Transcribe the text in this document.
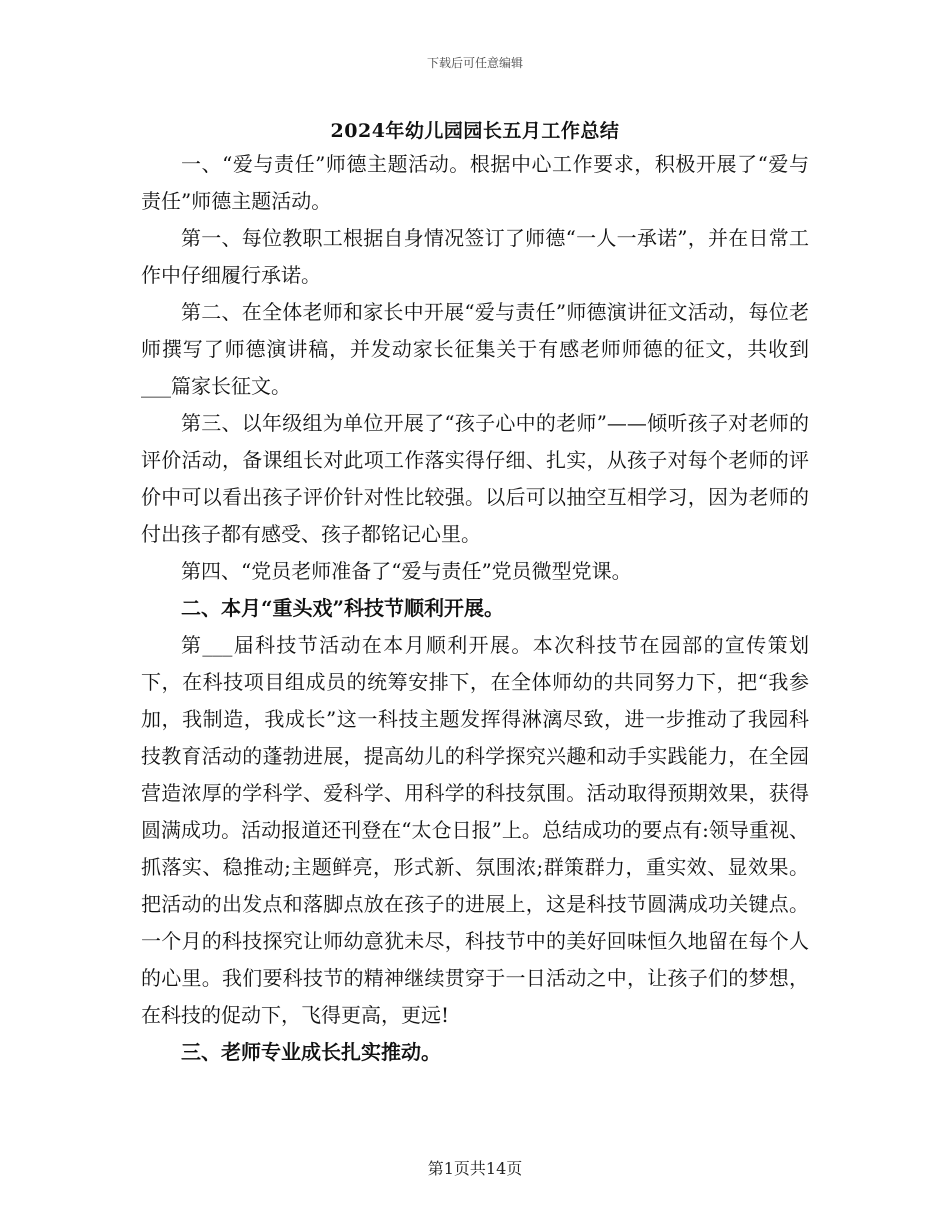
下载后可任意编辑
2024年幼儿园园长五月工作总结

一、“爱与责任”师德主题活动。根据中心工作要求，积极开展了“爱与责任”师德主题活动。

第一、每位教职工根据自身情况签订了师德“一人一承诺”，并在日常工作中仔细履行承诺。

第二、在全体老师和家长中开展“爱与责任”师德演讲征文活动，每位老师撰写了师德演讲稿，并发动家长征集关于有感老师师德的征文，共收到___篇家长征文。

第三、以年级组为单位开展了“孩子心中的老师”——倾听孩子对老师的评价活动，备课组长对此项工作落实得仔细、扎实，从孩子对每个老师的评价中可以看出孩子评价针对性比较强。以后可以抽空互相学习，因为老师的付出孩子都有感受、孩子都铭记心里。

第四、“党员老师准备了“爱与责任”党员微型党课。

二、本月“重头戏”科技节顺利开展。

第___届科技节活动在本月顺利开展。本次科技节在园部的宣传策划下，在科技项目组成员的统筹安排下，在全体师幼的共同努力下，把“我参加，我制造，我成长”这一科技主题发挥得淋漓尽致，进一步推动了我园科技教育活动的蓬勃进展，提高幼儿的科学探究兴趣和动手实践能力，在全园营造浓厚的学科学、爱科学、用科学的科技氛围。活动取得预期效果，获得圆满成功。活动报道还刊登在“太仓日报”上。总结成功的要点有:领导重视、抓落实、稳推动;主题鲜亮，形式新、氛围浓;群策群力，重实效、显效果。把活动的出发点和落脚点放在孩子的进展上，这是科技节圆满成功关键点。一个月的科技探究让师幼意犹未尽，科技节中的美好回味恒久地留在每个人的心里。我们要科技节的精神继续贯穿于一日活动之中，让孩子们的梦想，在科技的促动下，飞得更高，更远!

三、老师专业成长扎实推动。

第1页共14页
